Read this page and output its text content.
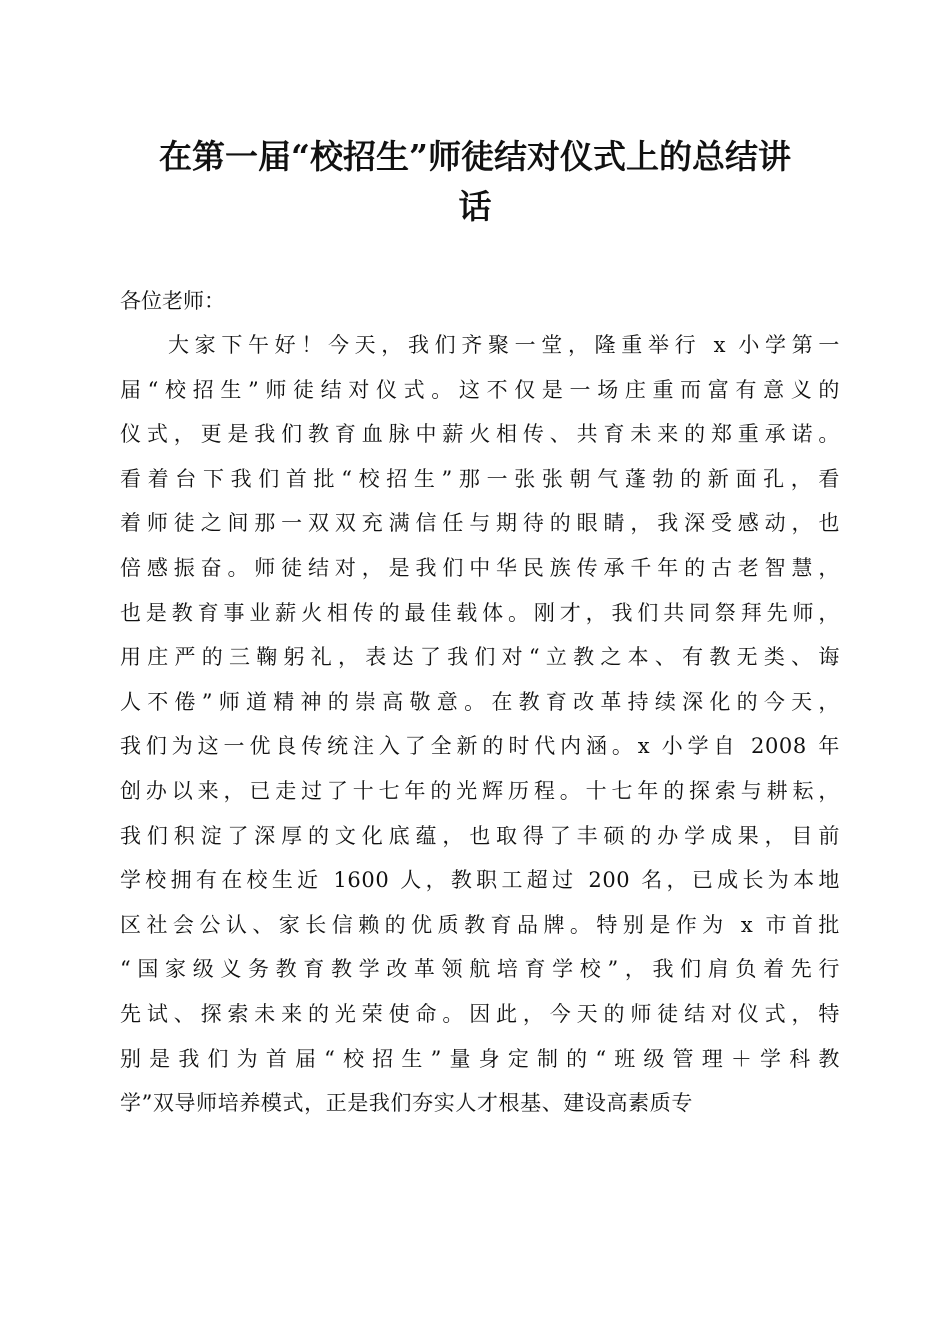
在第一届“校招生”师徒结对仪式上的总结讲
话

各位老师：

大家下午好！今天，我们齐聚一堂，隆重举行 x 小学第一
届“校招生”师徒结对仪式。这不仅是一场庄重而富有意义的
仪式，更是我们教育血脉中薪火相传、共育未来的郑重承诺。
看着台下我们首批“校招生”那一张张朝气蓬勃的新面孔，看
着师徒之间那一双双充满信任与期待的眼睛，我深受感动，也
倍感振奋。师徒结对，是我们中华民族传承千年的古老智慧，
也是教育事业薪火相传的最佳载体。刚才，我们共同祭拜先师，
用庄严的三鞠躬礼，表达了我们对“立教之本、有教无类、诲
人不倦”师道精神的崇高敬意。在教育改革持续深化的今天，
我们为这一优良传统注入了全新的时代内涵。x 小学自 2008 年
创办以来，已走过了十七年的光辉历程。十七年的探索与耕耘，
我们积淀了深厚的文化底蕴，也取得了丰硕的办学成果，目前
学校拥有在校生近 1600 人，教职工超过 200 名，已成长为本地
区社会公认、家长信赖的优质教育品牌。特别是作为 x 市首批
“国家级义务教育教学改革领航培育学校”，我们肩负着先行
先试、探索未来的光荣使命。因此，今天的师徒结对仪式，特
别是我们为首届“校招生”量身定制的“班级管理＋学科教
学”双导师培养模式，正是我们夯实人才根基、建设高素质专
